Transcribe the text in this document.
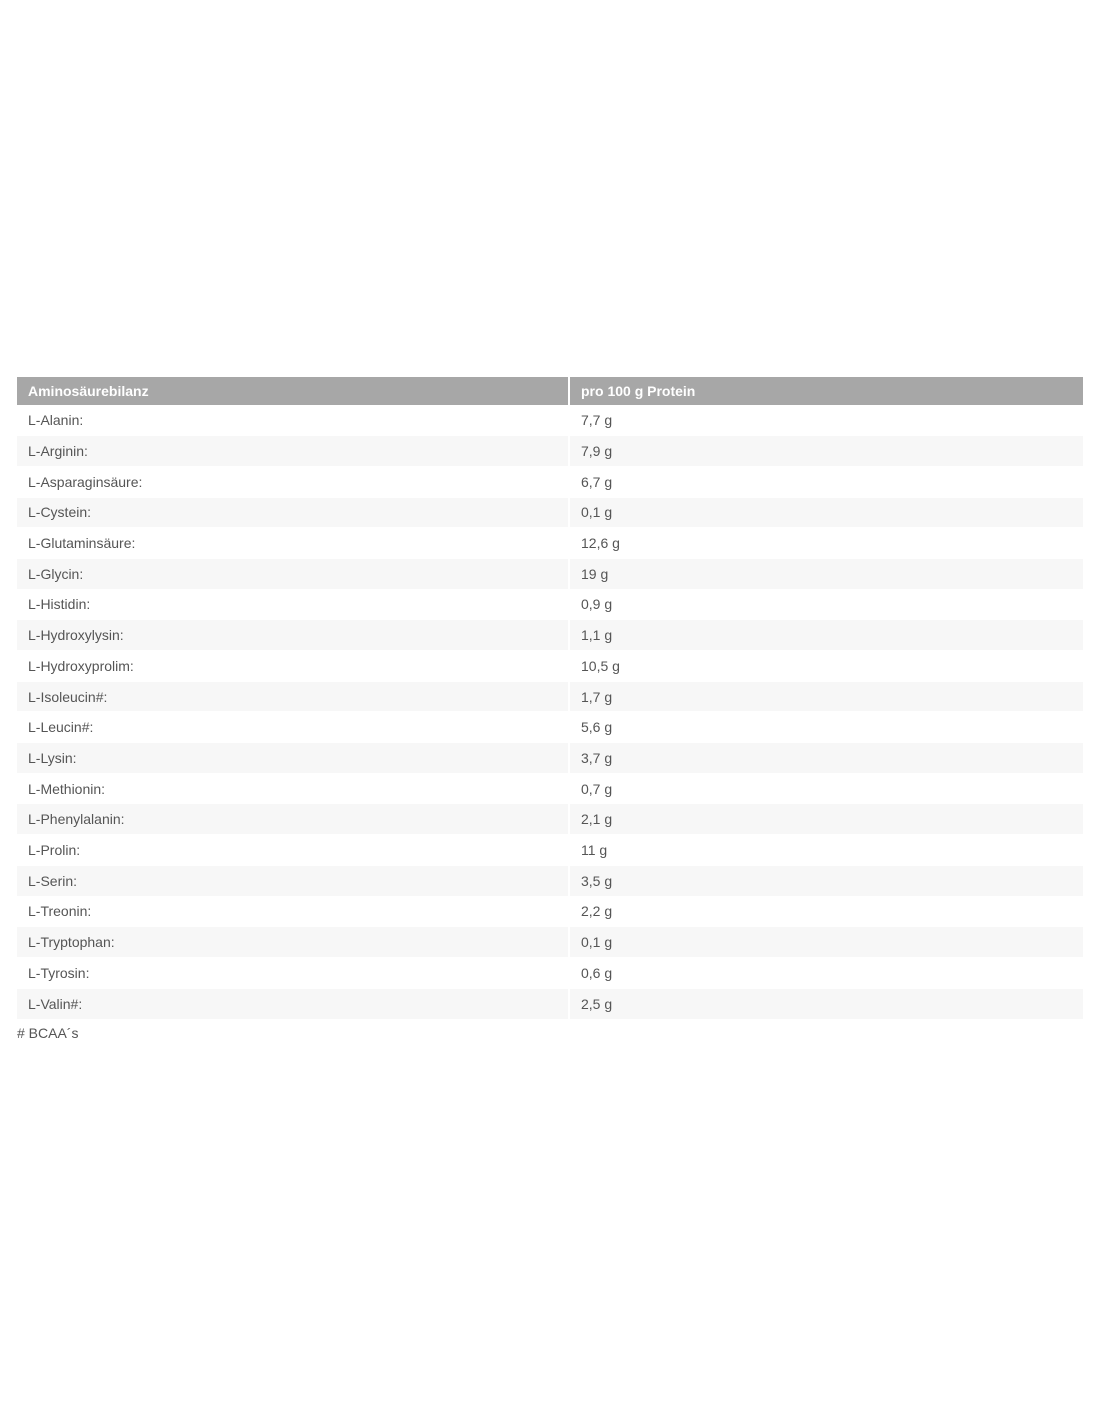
Aminosäurebilanz	pro 100 g Protein
L-Alanin:	7,7 g
L-Arginin:	7,9 g
L-Asparaginsäure:	6,7 g
L-Cystein:	0,1 g
L-Glutaminsäure:	12,6 g
L-Glycin:	19 g
L-Histidin:	0,9 g
L-Hydroxylysin:	1,1 g
L-Hydroxyprolim:	10,5 g
L-Isoleucin#:	1,7 g
L-Leucin#:	5,6 g
L-Lysin:	3,7 g
L-Methionin:	0,7 g
L-Phenylalanin:	2,1 g
L-Prolin:	11 g
L-Serin:	3,5 g
L-Treonin:	2,2 g
L-Tryptophan:	0,1 g
L-Tyrosin:	0,6 g
L-Valin#:	2,5 g
# BCAA´s
